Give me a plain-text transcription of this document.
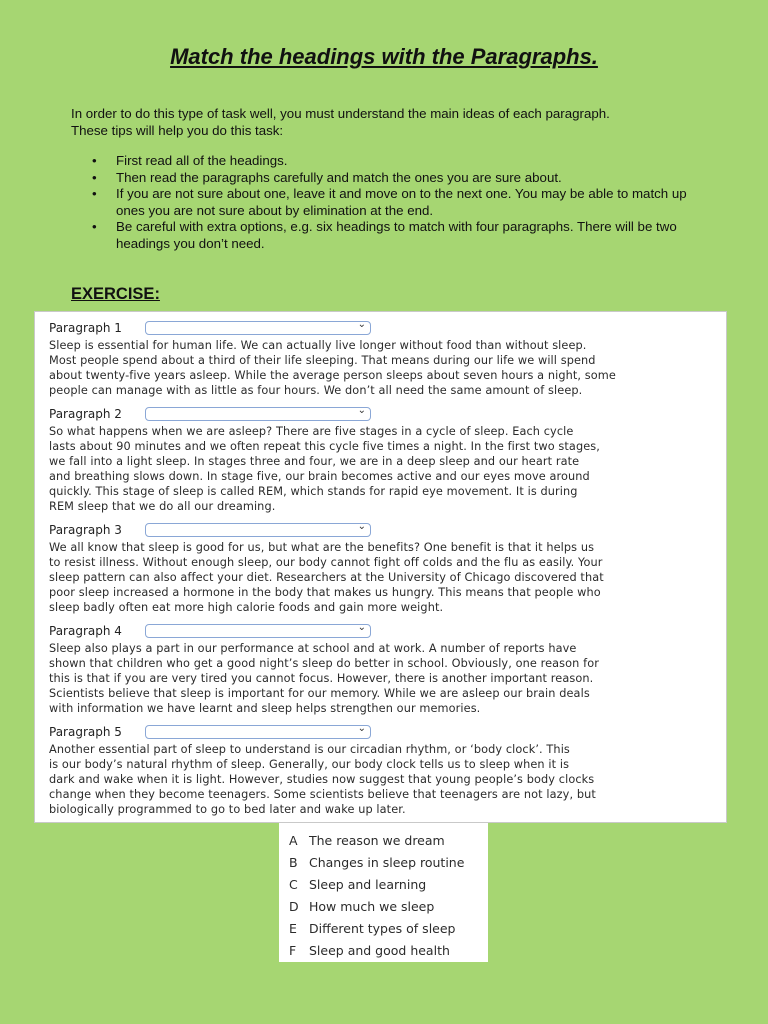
Match the headings with the Paragraphs.
In order to do this type of task well, you must understand the main ideas of each paragraph.
These tips will help you do this task:
• First read all of the headings.
• Then read the paragraphs carefully and match the ones you are sure about.
• If you are not sure about one, leave it and move on to the next one. You may be able to match up ones you are not sure about by elimination at the end.
• Be careful with extra options, e.g. six headings to match with four paragraphs. There will be two headings you don’t need.
EXERCISE:
Paragraph 1	⌄
Sleep is essential for human life. We can actually live longer without food than without sleep.
Most people spend about a third of their life sleeping. That means during our life we will spend
about twenty-five years asleep. While the average person sleeps about seven hours a night, some
people can manage with as little as four hours. We don’t all need the same amount of sleep.
Paragraph 2	⌄
So what happens when we are asleep? There are five stages in a cycle of sleep. Each cycle
lasts about 90 minutes and we often repeat this cycle five times a night. In the first two stages,
we fall into a light sleep. In stages three and four, we are in a deep sleep and our heart rate
and breathing slows down. In stage five, our brain becomes active and our eyes move around
quickly. This stage of sleep is called REM, which stands for rapid eye movement. It is during
REM sleep that we do all our dreaming.
Paragraph 3	⌄
We all know that sleep is good for us, but what are the benefits? One benefit is that it helps us
to resist illness. Without enough sleep, our body cannot fight off colds and the flu as easily. Your
sleep pattern can also affect your diet. Researchers at the University of Chicago discovered that
poor sleep increased a hormone in the body that makes us hungry. This means that people who
sleep badly often eat more high calorie foods and gain more weight.
Paragraph 4	⌄
Sleep also plays a part in our performance at school and at work. A number of reports have
shown that children who get a good night’s sleep do better in school. Obviously, one reason for
this is that if you are very tired you cannot focus. However, there is another important reason.
Scientists believe that sleep is important for our memory. While we are asleep our brain deals
with information we have learnt and sleep helps strengthen our memories.
Paragraph 5	⌄
Another essential part of sleep to understand is our circadian rhythm, or ‘body clock’. This
is our body’s natural rhythm of sleep. Generally, our body clock tells us to sleep when it is
dark and wake when it is light. However, studies now suggest that young people’s body clocks
change when they become teenagers. Some scientists believe that teenagers are not lazy, but
biologically programmed to go to bed later and wake up later.
A The reason we dream
B Changes in sleep routine
C Sleep and learning
D How much we sleep
E Different types of sleep
F	Sleep and good health
